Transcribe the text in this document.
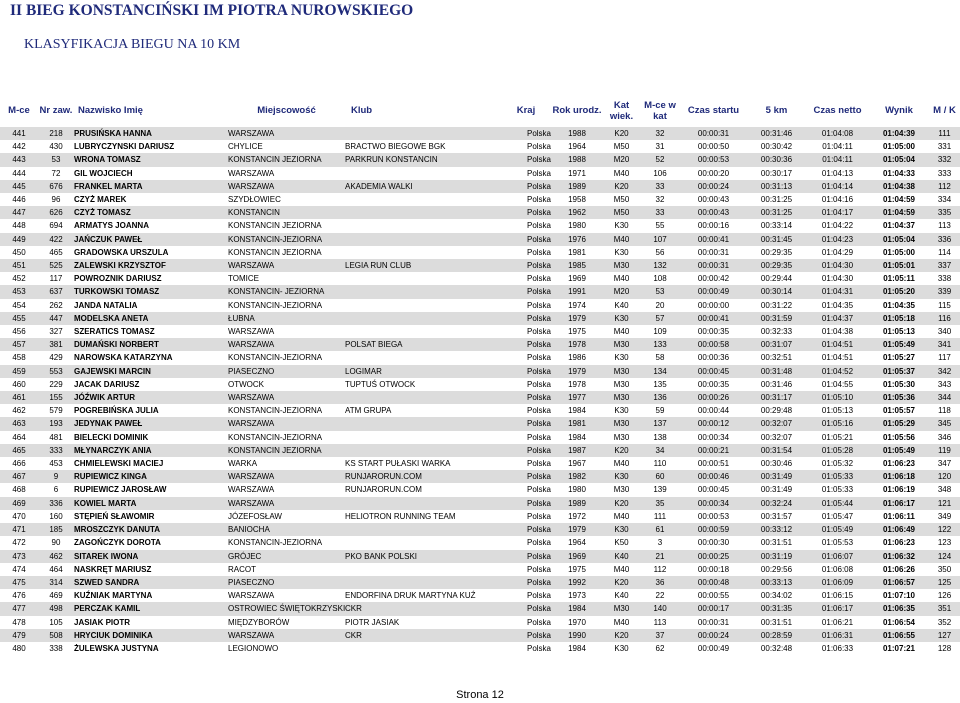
II BIEG KONSTANCIŃSKI IM PIOTRA NUROWSKIEGO
KLASYFIKACJA BIEGU NA 10 KM
M-ce	Nr zaw.	Nazwisko Imię	Miejscowość	Klub	Kraj	Rok urodz.	Kat wiek.	M-ce w kat	Czas startu	5 km	Czas netto	Wynik	M / K
441	218	PRUSIŃSKA HANNA	WARSZAWA		Polska	1988	K20	32	00:00:31	00:31:46	01:04:08	01:04:39	111
442	430	LUBRYCZYNSKI DARIUSZ	CHYLICE	BRACTWO BIEGOWE BGK	Polska	1964	M50	31	00:00:50	00:30:42	01:04:11	01:05:00	331
443	53	WRONA TOMASZ	KONSTANCIN JEZIORNA	PARKRUN KONSTANCIN	Polska	1988	M20	52	00:00:53	00:30:36	01:04:11	01:05:04	332
444	72	GIL WOJCIECH	WARSZAWA		Polska	1971	M40	106	00:00:20	00:30:17	01:04:13	01:04:33	333
445	676	FRANKEL MARTA	WARSZAWA	AKADEMIA WALKI	Polska	1989	K20	33	00:00:24	00:31:13	01:04:14	01:04:38	112
446	96	CZYŻ MAREK	SZYDŁOWIEC		Polska	1958	M50	32	00:00:43	00:31:25	01:04:16	01:04:59	334
447	626	CZYŻ TOMASZ	KONSTANCIN		Polska	1962	M50	33	00:00:43	00:31:25	01:04:17	01:04:59	335
448	694	ARMATYS JOANNA	KONSTANCIN JEZIORNA		Polska	1980	K30	55	00:00:16	00:33:14	01:04:22	01:04:37	113
449	422	JAŃCZUK PAWEŁ	KONSTANCIN-JEZIORNA		Polska	1976	M40	107	00:00:41	00:31:45	01:04:23	01:05:04	336
450	465	GRADOWSKA URSZULA	KONSTANCIN JEZIORNA		Polska	1981	K30	56	00:00:31	00:29:35	01:04:29	01:05:00	114
451	525	ZALEWSKI KRZYSZTOF	WARSZAWA	LEGIA RUN CLUB	Polska	1985	M30	132	00:00:31	00:29:35	01:04:30	01:05:01	337
452	117	POWROZNIK DARIUSZ	TOMICE		Polska	1969	M40	108	00:00:42	00:29:44	01:04:30	01:05:11	338
453	637	TURKOWSKI TOMASZ	KONSTANCIN- JEZIORNA		Polska	1991	M20	53	00:00:49	00:30:14	01:04:31	01:05:20	339
454	262	JANDA NATALIA	KONSTANCIN-JEZIORNA		Polska	1974	K40	20	00:00:00	00:31:22	01:04:35	01:04:35	115
455	447	MODELSKA ANETA	ŁUBNA		Polska	1979	K30	57	00:00:41	00:31:59	01:04:37	01:05:18	116
456	327	SZERATICS TOMASZ	WARSZAWA		Polska	1975	M40	109	00:00:35	00:32:33	01:04:38	01:05:13	340
457	381	DUMAŃSKI NORBERT	WARSZAWA	POLSAT BIEGA	Polska	1978	M30	133	00:00:58	00:31:07	01:04:51	01:05:49	341
458	429	NAROWSKA KATARZYNA	KONSTANCIN-JEZIORNA		Polska	1986	K30	58	00:00:36	00:32:51	01:04:51	01:05:27	117
459	553	GAJEWSKI MARCIN	PIASECZNO	LOGIMAR	Polska	1979	M30	134	00:00:45	00:31:48	01:04:52	01:05:37	342
460	229	JACAK DARIUSZ	OTWOCK	TUPTUŚ OTWOCK	Polska	1978	M30	135	00:00:35	00:31:46	01:04:55	01:05:30	343
461	155	JÓŹWIK ARTUR	WARSZAWA		Polska	1977	M30	136	00:00:26	00:31:17	01:05:10	01:05:36	344
462	579	POGREBIŃSKA JULIA	KONSTANCIN-JEZIORNA	ATM GRUPA	Polska	1984	K30	59	00:00:44	00:29:48	01:05:13	01:05:57	118
463	193	JEDYNAK PAWEŁ	WARSZAWA		Polska	1981	M30	137	00:00:12	00:32:07	01:05:16	01:05:29	345
464	481	BIELECKI DOMINIK	KONSTANCIN-JEZIORNA		Polska	1984	M30	138	00:00:34	00:32:07	01:05:21	01:05:56	346
465	333	MŁYNARCZYK ANIA	KONSTANCIN JEZIORNA		Polska	1987	K20	34	00:00:21	00:31:54	01:05:28	01:05:49	119
466	453	CHMIELEWSKI MACIEJ	WARKA	KS START PUŁASKI WARKA	Polska	1967	M40	110	00:00:51	00:30:46	01:05:32	01:06:23	347
467	9	RUPIEWICZ KINGA	WARSZAWA	RUNJARORUN.COM	Polska	1982	K30	60	00:00:46	00:31:49	01:05:33	01:06:18	120
468	6	RUPIEWICZ JAROSŁAW	WARSZAWA	RUNJARORUN.COM	Polska	1980	M30	139	00:00:45	00:31:49	01:05:33	01:06:19	348
469	336	KOWIEL MARTA	WARSZAWA		Polska	1989	K20	35	00:00:34	00:32:24	01:05:44	01:06:17	121
470	160	STĘPIEŃ SŁAWOMIR	JÓZEFOSŁAW	HELIOTRON RUNNING TEAM	Polska	1972	M40	111	00:00:53	00:31:57	01:05:47	01:06:11	349
471	185	MROSZCZYK DANUTA	BANIOCHA		Polska	1979	K30	61	00:00:59	00:33:12	01:05:49	01:06:49	122
472	90	ZAGOŃCZYK DOROTA	KONSTANCIN-JEZIORNA		Polska	1964	K50	3	00:00:30	00:31:51	01:05:53	01:06:23	123
473	462	SITAREK IWONA	GRÓJEC	PKO BANK POLSKI	Polska	1969	K40	21	00:00:25	00:31:19	01:06:07	01:06:32	124
474	464	NASKRĘT MARIUSZ	RACOT		Polska	1975	M40	112	00:00:18	00:29:56	01:06:08	01:06:26	350
475	314	SZWED SANDRA	PIASECZNO		Polska	1992	K20	36	00:00:48	00:33:13	01:06:09	01:06:57	125
476	469	KUŹNIAK MARTYNA	WARSZAWA	ENDORFINA DRUK MARTYNA KUŹ	Polska	1973	K40	22	00:00:55	00:34:02	01:06:15	01:07:10	126
477	498	PERCZAK KAMIL	OSTROWIEC ŚWIĘTOKRZYSKI	CKR	Polska	1984	M30	140	00:00:17	00:31:35	01:06:17	01:06:35	351
478	105	JASIAK PIOTR	MIĘDZYBORÓW	PIOTR JASIAK	Polska	1970	M40	113	00:00:31	00:31:51	01:06:21	01:06:54	352
479	508	HRYCIUK DOMINIKA	WARSZAWA	CKR	Polska	1990	K20	37	00:00:24	00:28:59	01:06:31	01:06:55	127
480	338	ŻULEWSKA JUSTYNA	LEGIONOWO		Polska	1984	K30	62	00:00:49	00:32:48	01:06:33	01:07:21	128
Strona 12
